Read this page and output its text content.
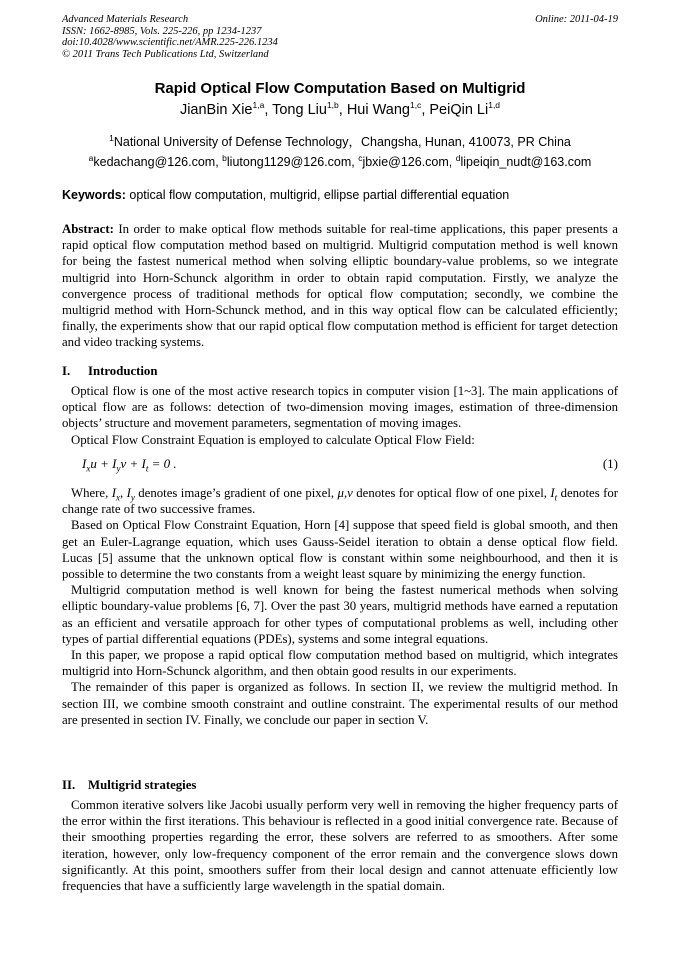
Advanced Materials Research
ISSN: 1662-8985, Vols. 225-226, pp 1234-1237
doi:10.4028/www.scientific.net/AMR.225-226.1234
© 2011 Trans Tech Publications Ltd, Switzerland
Online: 2011-04-19
Rapid Optical Flow Computation Based on Multigrid
JianBin Xie$^{1,a}$, Tong Liu$^{1,b}$, Hui Wang$^{1,c}$, PeiQin Li$^{1,d}$
$^1$National University of Defense Technology，Changsha, Hunan, 410073, PR China
$^a$kedachang@126.com, $^b$liutong1129@126.com, $^c$jbxie@126.com, $^d$lipeiqin_nudt@163.com
Keywords: optical flow computation, multigrid, ellipse partial differential equation
Abstract: In order to make optical flow methods suitable for real-time applications, this paper presents a rapid optical flow computation method based on multigrid. Multigrid computation method is well known for being the fastest numerical method when solving elliptic boundary-value problems, so we integrate multigrid into Horn-Schunck algorithm in order to obtain rapid computation. Firstly, we analyze the convergence process of traditional methods for optical flow computation; secondly, we combine the multigrid method with Horn-Schunck method, and in this way optical flow can be calculated efficiently; finally, the experiments show that our rapid optical flow computation method is efficient for target detection and video tracking systems.
I. Introduction

Optical flow is one of the most active research topics in computer vision [1~3]. The main applications of optical flow are as follows: detection of two-dimension moving images, estimation of three-dimension objects’ structure and movement parameters, segmentation of moving images.

Optical Flow Constraint Equation is employed to calculate Optical Flow Field:

$I_xu + I_yv + I_t = 0$ .	(1)

Where, $I_x$, $I_y$ denotes image’s gradient of one pixel, μ,v denotes for optical flow of one pixel, $I_t$ denotes for change rate of two successive frames.

Based on Optical Flow Constraint Equation, Horn [4] suppose that speed field is global smooth, and then get an Euler-Lagrange equation, which uses Gauss-Seidel iteration to obtain a dense optical flow field. Lucas [5] assume that the unknown optical flow is constant within some neighbourhood, and then it is possible to determine the two constants from a weight least square by minimizing the energy function.

Multigrid computation method is well known for being the fastest numerical methods when solving elliptic boundary-value problems [6, 7]. Over the past 30 years, multigrid methods have earned a reputation as an efficient and versatile approach for other types of computational problems as well, including other types of partial differential equations (PDEs), systems and some integral equations.

In this paper, we propose a rapid optical flow computation method based on multigrid, which integrates multigrid into Horn-Schunck algorithm, and then obtain good results in our experiments.

The remainder of this paper is organized as follows. In section II, we review the multigrid method. In section III, we combine smooth constraint and outline constraint. The experimental results of our method are presented in section IV. Finally, we conclude our paper in section V.

II. Multigrid strategies

Common iterative solvers like Jacobi usually perform very well in removing the higher frequency parts of the error within the first iterations. This behaviour is reflected in a good initial convergence rate. Because of their smoothing properties regarding the error, these solvers are referred to as smoothers. After some iteration, however, only low-frequency component of the error remain and the convergence slows down significantly. At this point, smoothers suffer from their local design and cannot attenuate efficiently low frequencies that have a sufficiently large wavelength in the spatial domain.
